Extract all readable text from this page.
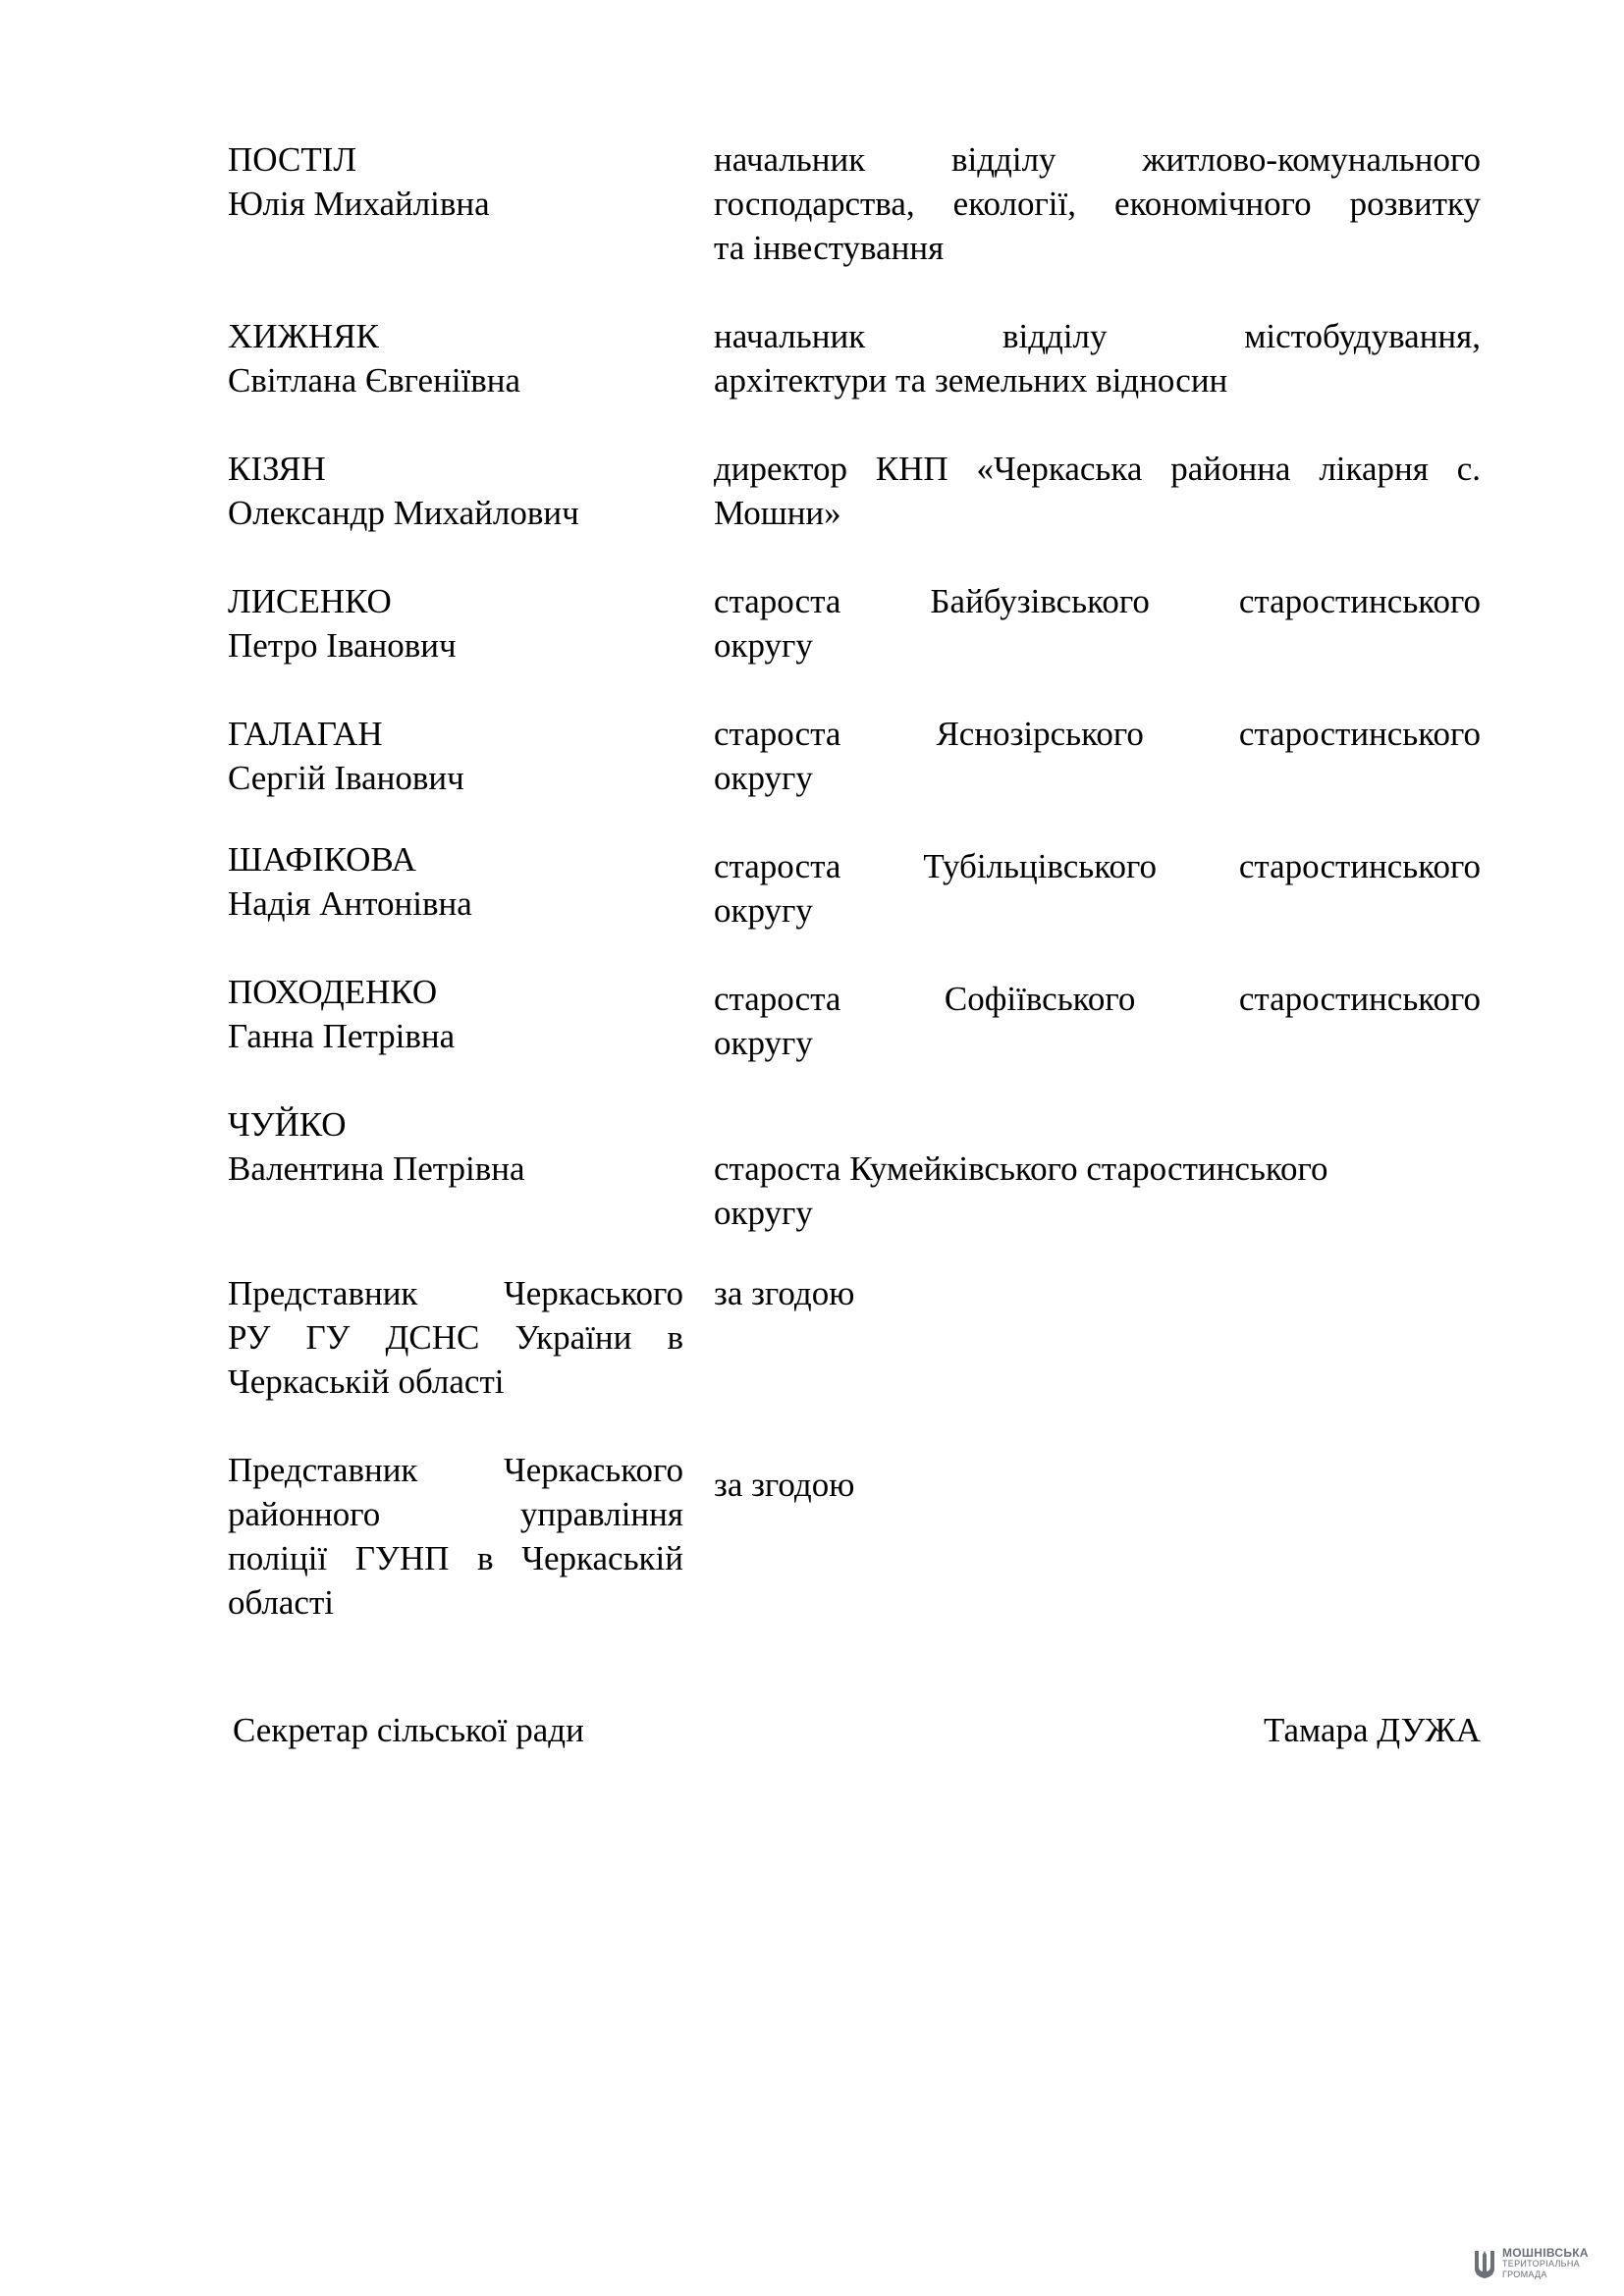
ПОСТІЛ
Юлія Михайлівна
начальник відділу житлово-комунального
господарства, екології, економічного розвитку
та інвестування
ХИЖНЯК
Світлана Євгеніївна
начальник відділу містобудування,
архітектури та земельних відносин
КІЗЯН
Олександр Михайлович
директор КНП «Черкаська районна лікарня с.
Мошни»
ЛИСЕНКО
Петро Іванович
староста Байбузівського старостинського
округу
ГАЛАГАН
Сергій Іванович
староста Яснозірського старостинського
округу
ШАФІКОВА
Надія Антонівна
староста Тубільцівського старостинського
округу
ПОХОДЕНКО
Ганна Петрівна
староста Софіївського старостинського
округу
ЧУЙКО
Валентина Петрівна	староста Кумейківського старостинського
округу
Представник Черкаського
РУ ГУ ДСНС України в
Черкаській області
за згодою
Представник Черкаського
районного управління
поліції ГУНП в Черкаській
області
за згодою
Секретар сільської ради	Тамара ДУЖА
МОШНІВСЬКА
ТЕРИТОРІАЛЬНА
ГРОМАДА
